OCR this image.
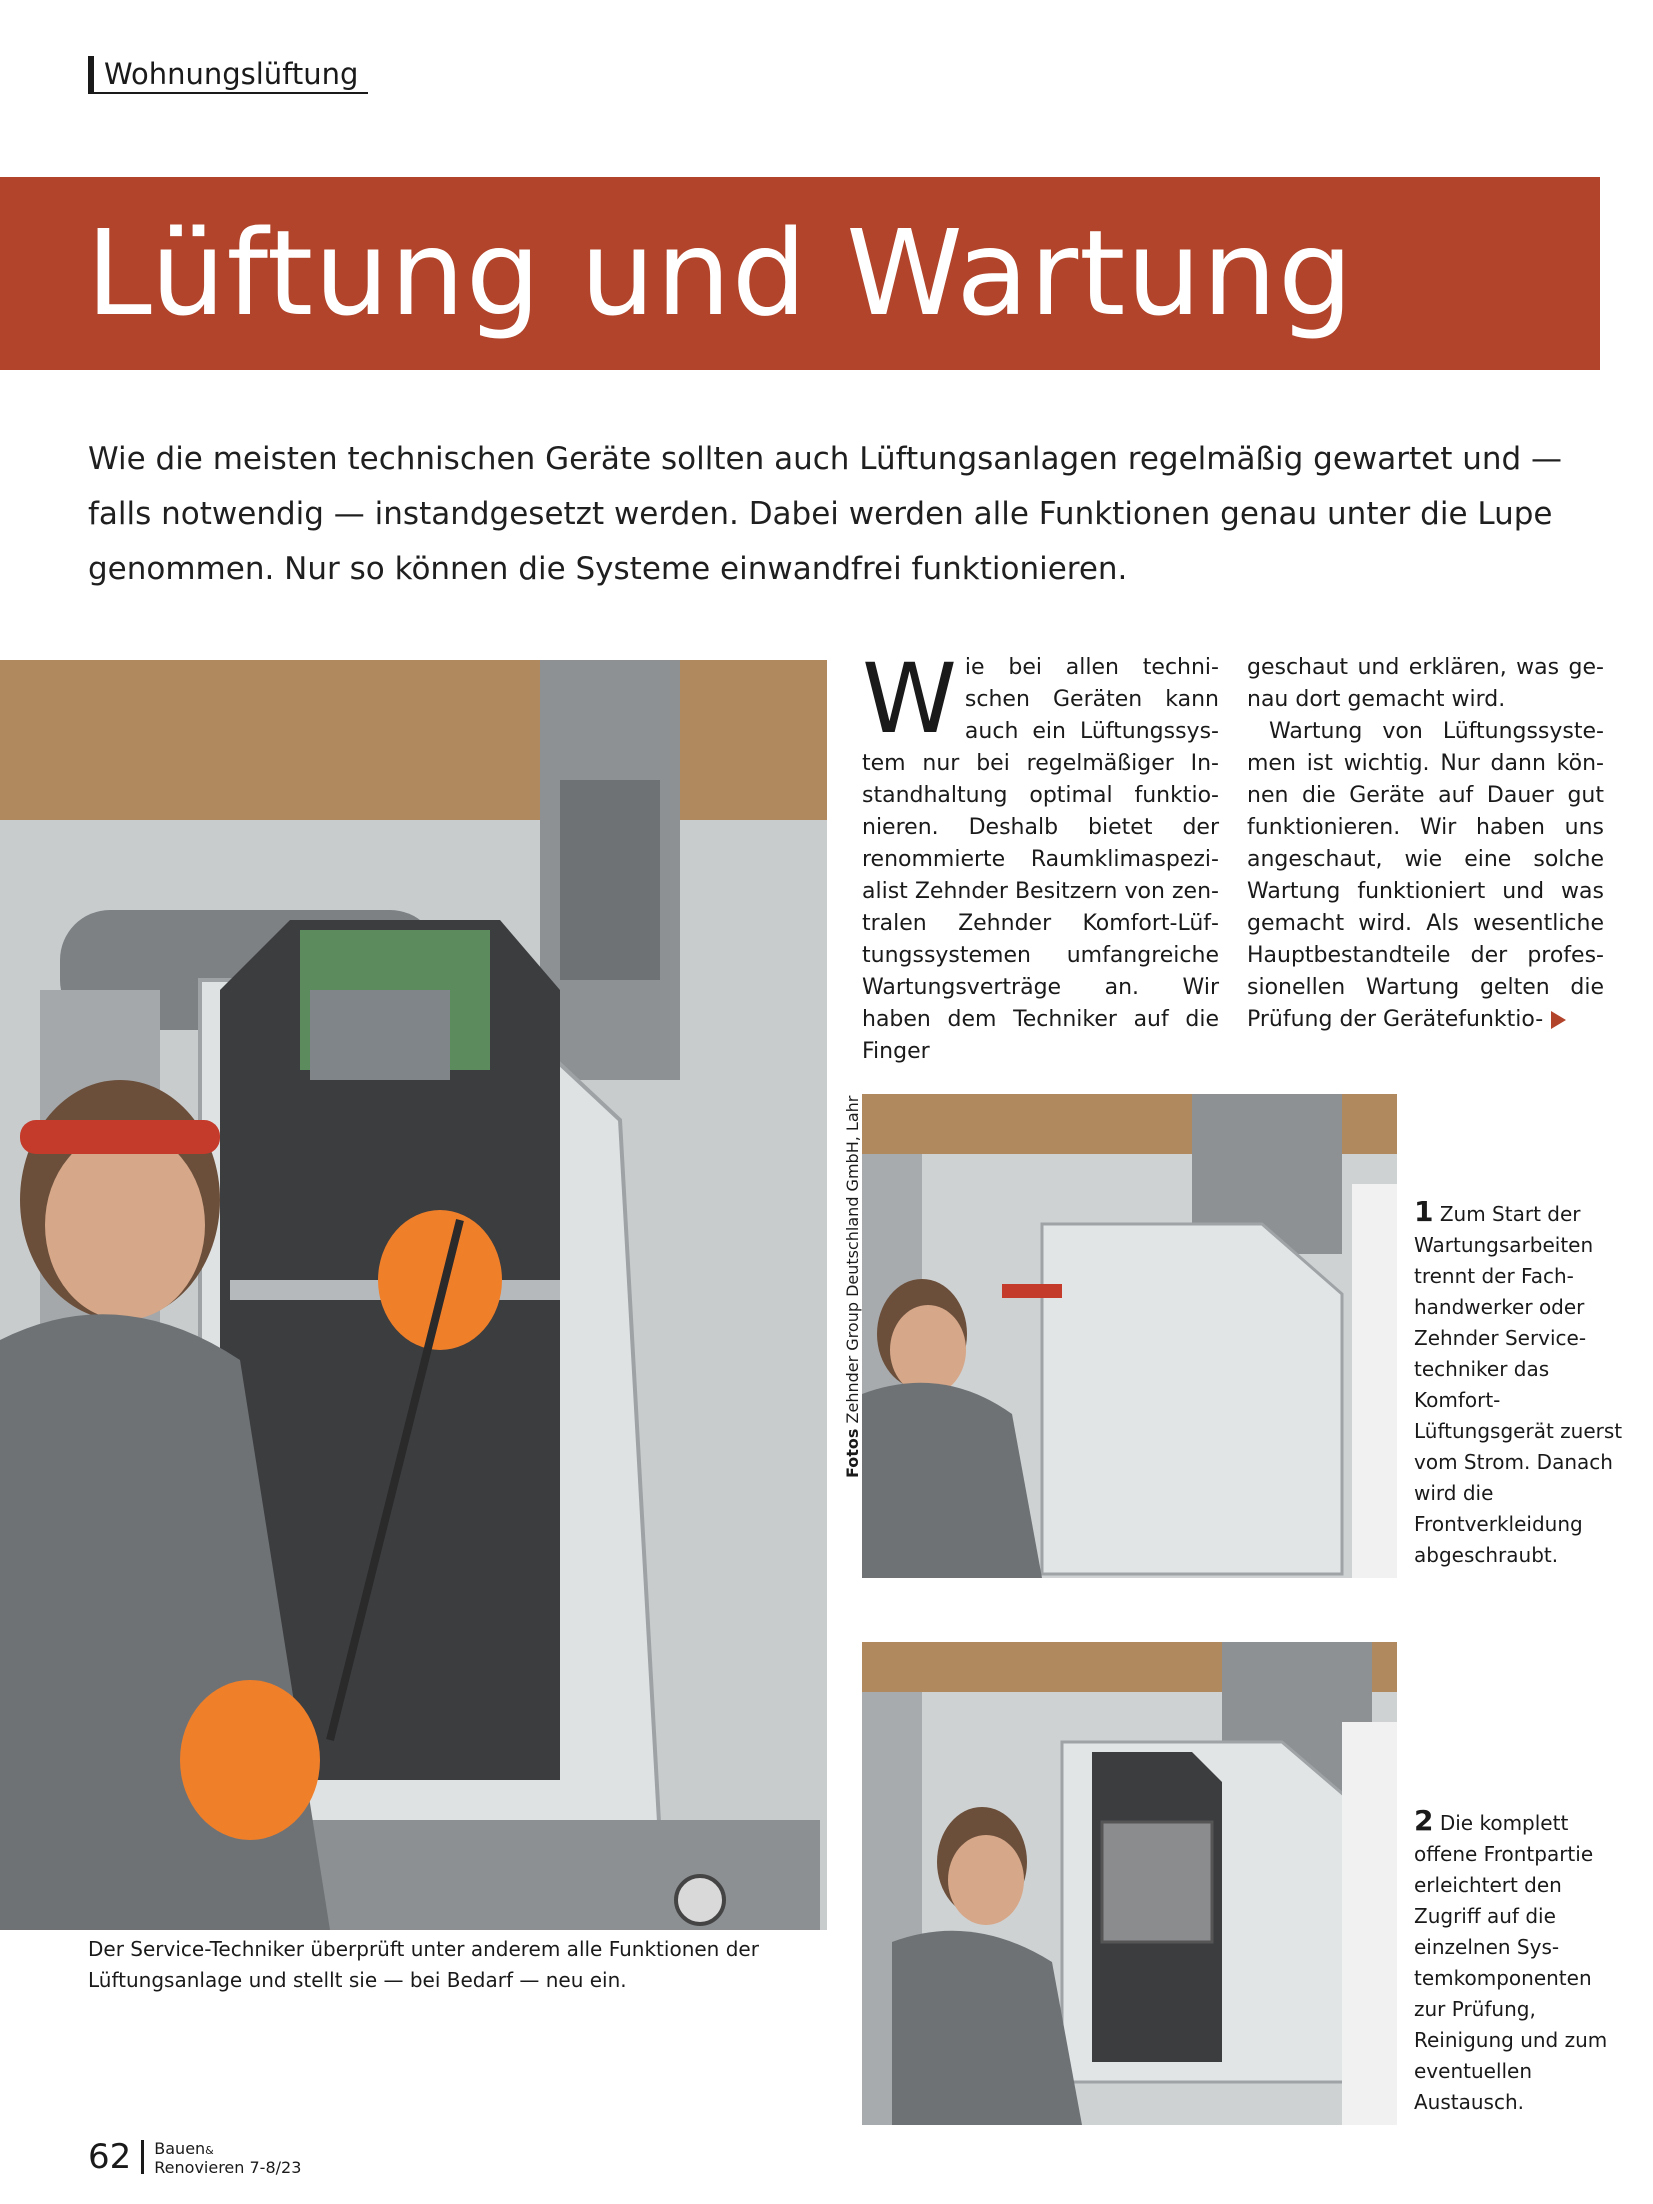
Wohnungslüftung
Lüftung und Wartung

Wie die meisten technischen Geräte sollten auch Lüftungsanlagen regelmäßig gewartet und — falls notwendig — instandgesetzt werden. Dabei werden alle Funktionen genau unter die Lupe genommen. Nur so können die Systeme einwandfrei funktionieren.

Fotos Zehnder Group Deutschland GmbH, Lahr
Wie bei allen technischen Geräten kann auch ein Lüftungssystem nur bei regelmäßiger Instandhaltung optimal funktionieren. Deshalb bietet der renommierte Raumklimaspezialist Zehnder Besitzern von zentralen Zehnder Komfort-Lüftungssystemen umfangreiche Wartungsverträge an. Wir haben dem Techniker auf die Finger
geschaut und erklären, was genau dort gemacht wird.
Wartung von Lüftungssystemen ist wichtig. Nur dann können die Geräte auf Dauer gut funktionieren. Wir haben uns angeschaut, wie eine solche Wartung funktioniert und was gemacht wird. Als wesentliche Hauptbestandteile der professionellen Wartung gelten die Prüfung der Gerätefunktio-

1 Zum Start der Wartungsarbeiten trennt der Fachhandwerker oder Zehnder Servicetechniker das Komfort-Lüftungsgerät zuerst vom Strom. Danach wird die Frontverkleidung abgeschraubt.

2 Die komplett offene Frontpartie erleichtert den Zugriff auf die einzelnen Systemkomponenten zur Prüfung, Reinigung und zum eventuellen Austausch.

Der Service-Techniker überprüft unter anderem alle Funktionen der Lüftungsanlage und stellt sie — bei Bedarf — neu ein.

62 Bauen&
Renovieren 7-8/23
